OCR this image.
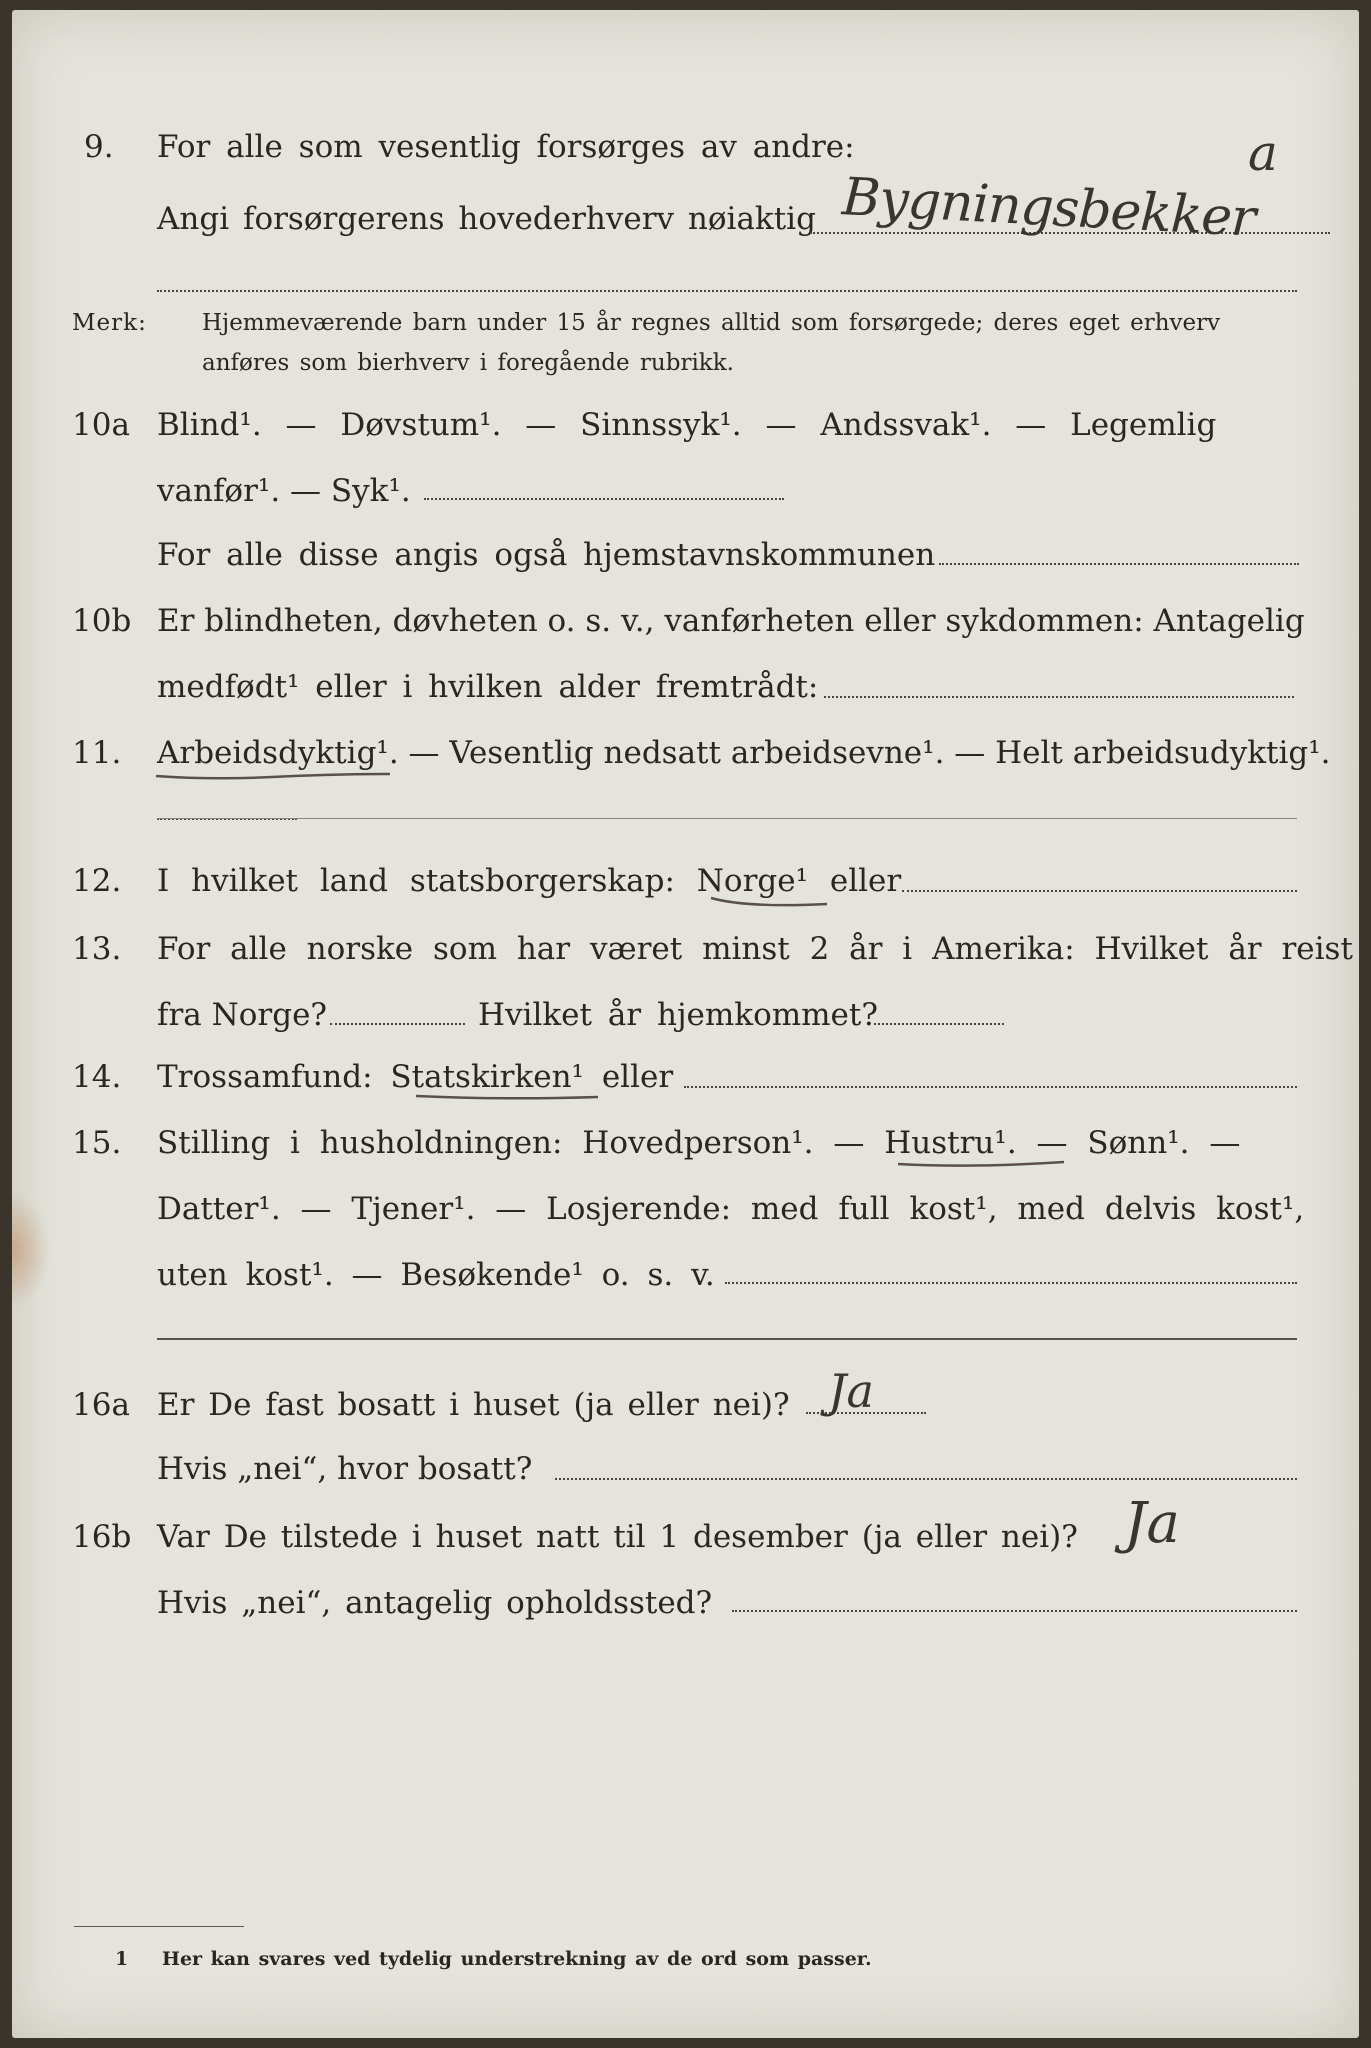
9. For alle som vesentlig forsørges av andre:
Angi forsørgerens hovederhverv nøiaktig Bygningsbekker
a
Merk: Hjemmeværende barn under 15 år regnes alltid som forsørgede; deres eget erhverv
anføres som bierhverv i foregående rubrikk.
10a Blind¹. — Døvstum¹. — Sinnssyk¹. — Andssvak¹. — Legemlig
vanfør¹. — Syk¹.
For alle disse angis også hjemstavnskommunen
10b Er blindheten, døvheten o. s. v., vanførheten eller sykdommen: Antagelig
medfødt¹ eller i hvilken alder fremtrådt:
11. Arbeidsdyktig¹. — Vesentlig nedsatt arbeidsevne¹. — Helt arbeidsudyktig¹.
12. I hvilket land statsborgerskap: Norge¹ eller
13. For alle norske som har været minst 2 år i Amerika: Hvilket år reist
fra Norge?	Hvilket år hjemkommet?
14. Trossamfund: Statskirken¹ eller
15. Stilling i husholdningen: Hovedperson¹. — Hustru¹. — Sønn¹. —
Datter¹. — Tjener¹. — Losjerende: med full kost¹, med delvis kost¹,
uten kost¹. — Besøkende¹ o. s. v.
16a Er De fast bosatt i huset (ja eller nei)? Ja
Hvis „nei“, hvor bosatt?
16b Var De tilstede i huset natt til 1 desember (ja eller nei)? Ja
Hvis „nei“, antagelig opholdssted?
1 Her kan svares ved tydelig understrekning av de ord som passer.
